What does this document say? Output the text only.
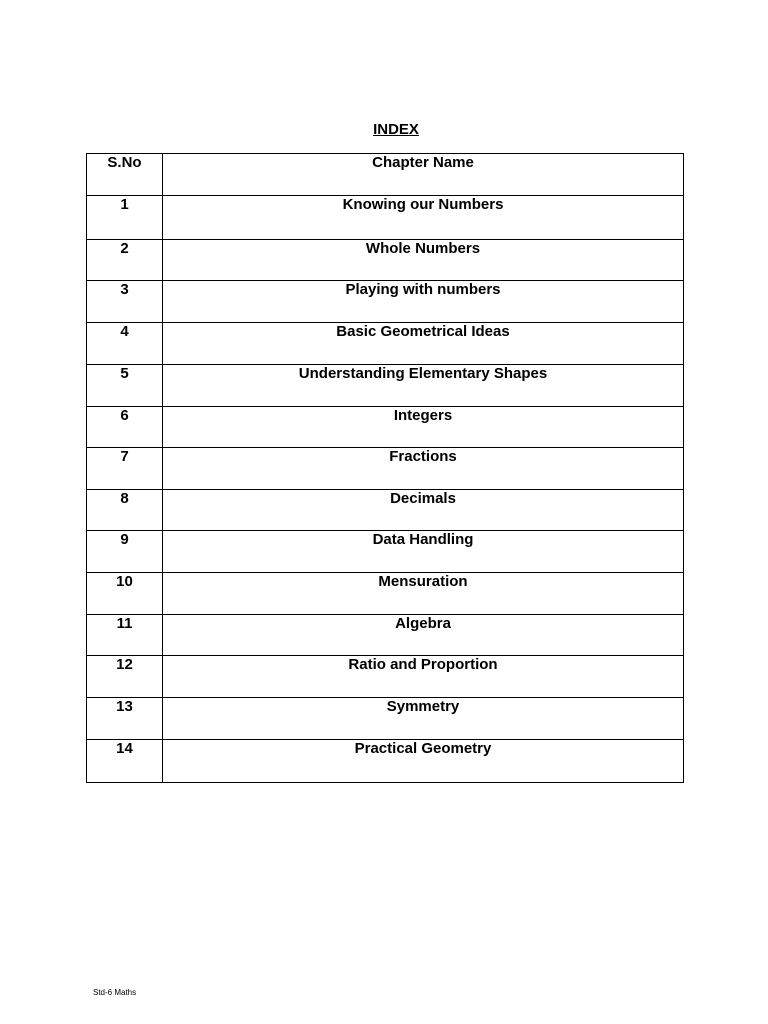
INDEX
S.No	Chapter Name
1	Knowing our Numbers
2	Whole Numbers
3	Playing with numbers
4	Basic Geometrical Ideas
5	Understanding Elementary Shapes
6	Integers
7	Fractions
8	Decimals
9	Data Handling
10	Mensuration
11	Algebra
12	Ratio and Proportion
13	Symmetry
14	Practical Geometry
Std-6 Maths
